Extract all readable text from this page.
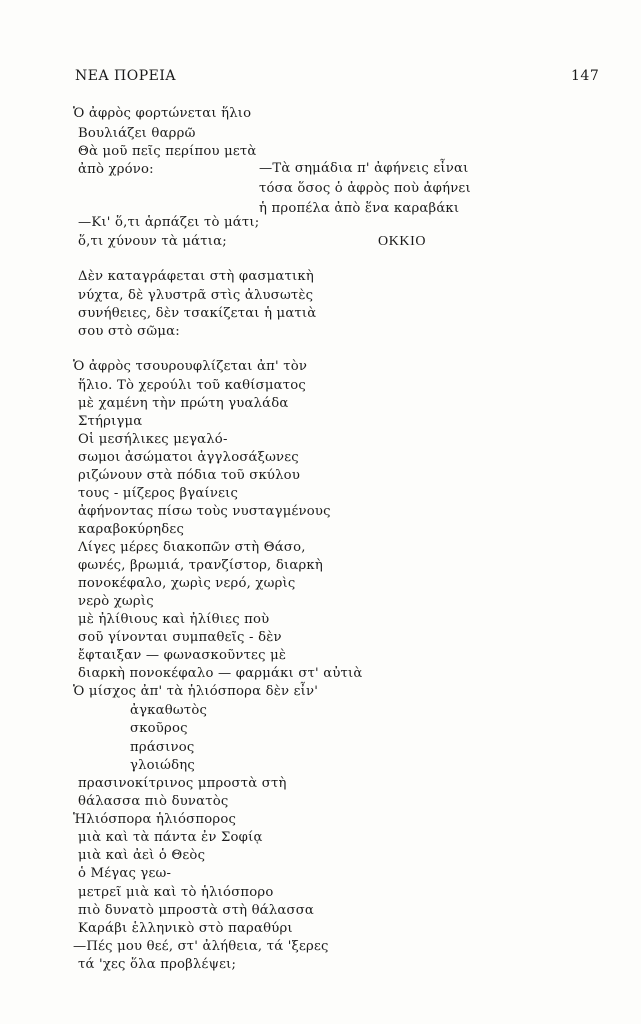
ΝΕΑ ΠΟΡΕΙΑ	147
—Τὰ σημάδια π' ἀφήνεις εἶναι
τόσα ὅσος ὁ ἀφρὸς ποὺ ἀφήνει
ἡ προπέλα ἀπὸ ἕνα καραβάκι
ΟΚΚΙΟ
Ὁ ἀφρὸς φορτώνεται ἥλιο
Βουλιάζει θαρρῶ
Θὰ μοῦ πεῖς περίπου μετὰ
ἀπὸ χρόνο:
—Κι' ὅ,τι ἁρπάζει τὸ μάτι;
ὅ,τι χύνουν τὰ μάτια;
Δὲν καταγράφεται στὴ φασματικὴ
νύχτα, δὲ γλυστρᾶ στὶς ἀλυσωτὲς
συνήθειες, δὲν τσακίζεται ἡ ματιὰ
σου στὸ σῶμα:
Ὁ ἀφρὸς τσουρουφλίζεται ἀπ' τὸν
ἥλιο. Τὸ χερούλι τοῦ καθίσματος
μὲ χαμένη τὴν πρώτη γυαλάδα
Στήριγμα
Οἱ μεσήλικες μεγαλό-
σωμοι ἀσώματοι ἀγγλοσάξωνες
ριζώνουν στὰ πόδια τοῦ σκύλου
τους - μίζερος βγαίνεις
ἀφήνοντας πίσω τοὺς νυσταγμένους
καραβοκύρηδες
Λίγες μέρες διακοπῶν στὴ Θάσο,
φωνές, βρωμιά, τρανζίστορ, διαρκὴ
πονοκέφαλο, χωρὶς νερό, χωρὶς
νερὸ χωρὶς
μὲ ἠλίθιους καὶ ἠλίθιες ποὺ
σοῦ γίνονται συμπαθεῖς - δὲν
ἔφταιξαν — φωνασκοῦντες μὲ
διαρκὴ πονοκέφαλο — φαρμάκι στ' αὐτιὰ
Ὁ μίσχος ἀπ' τὰ ἡλιόσπορα δὲν εἶν'
ἀγκαθωτὸς
σκοῦρος
πράσινος
γλοιώδης
πρασινοκίτρινος μπροστὰ στὴ
θάλασσα πιὸ δυνατὸς
Ἡλιόσπορα ἡλιόσπορος
μιὰ καὶ τὰ πάντα ἐν Σοφίᾳ
μιὰ καὶ ἀεὶ ὁ Θεὸς
ὁ Μέγας γεω-
μετρεῖ μιὰ καὶ τὸ ἡλιόσπορο
πιὸ δυνατὸ μπροστὰ στὴ θάλασσα
Καράβι ἑλληνικὸ στὸ παραθύρι
—Πές μου θεέ, στ' ἀλήθεια, τά 'ξερες
τά 'χες ὅλα προβλέψει;
